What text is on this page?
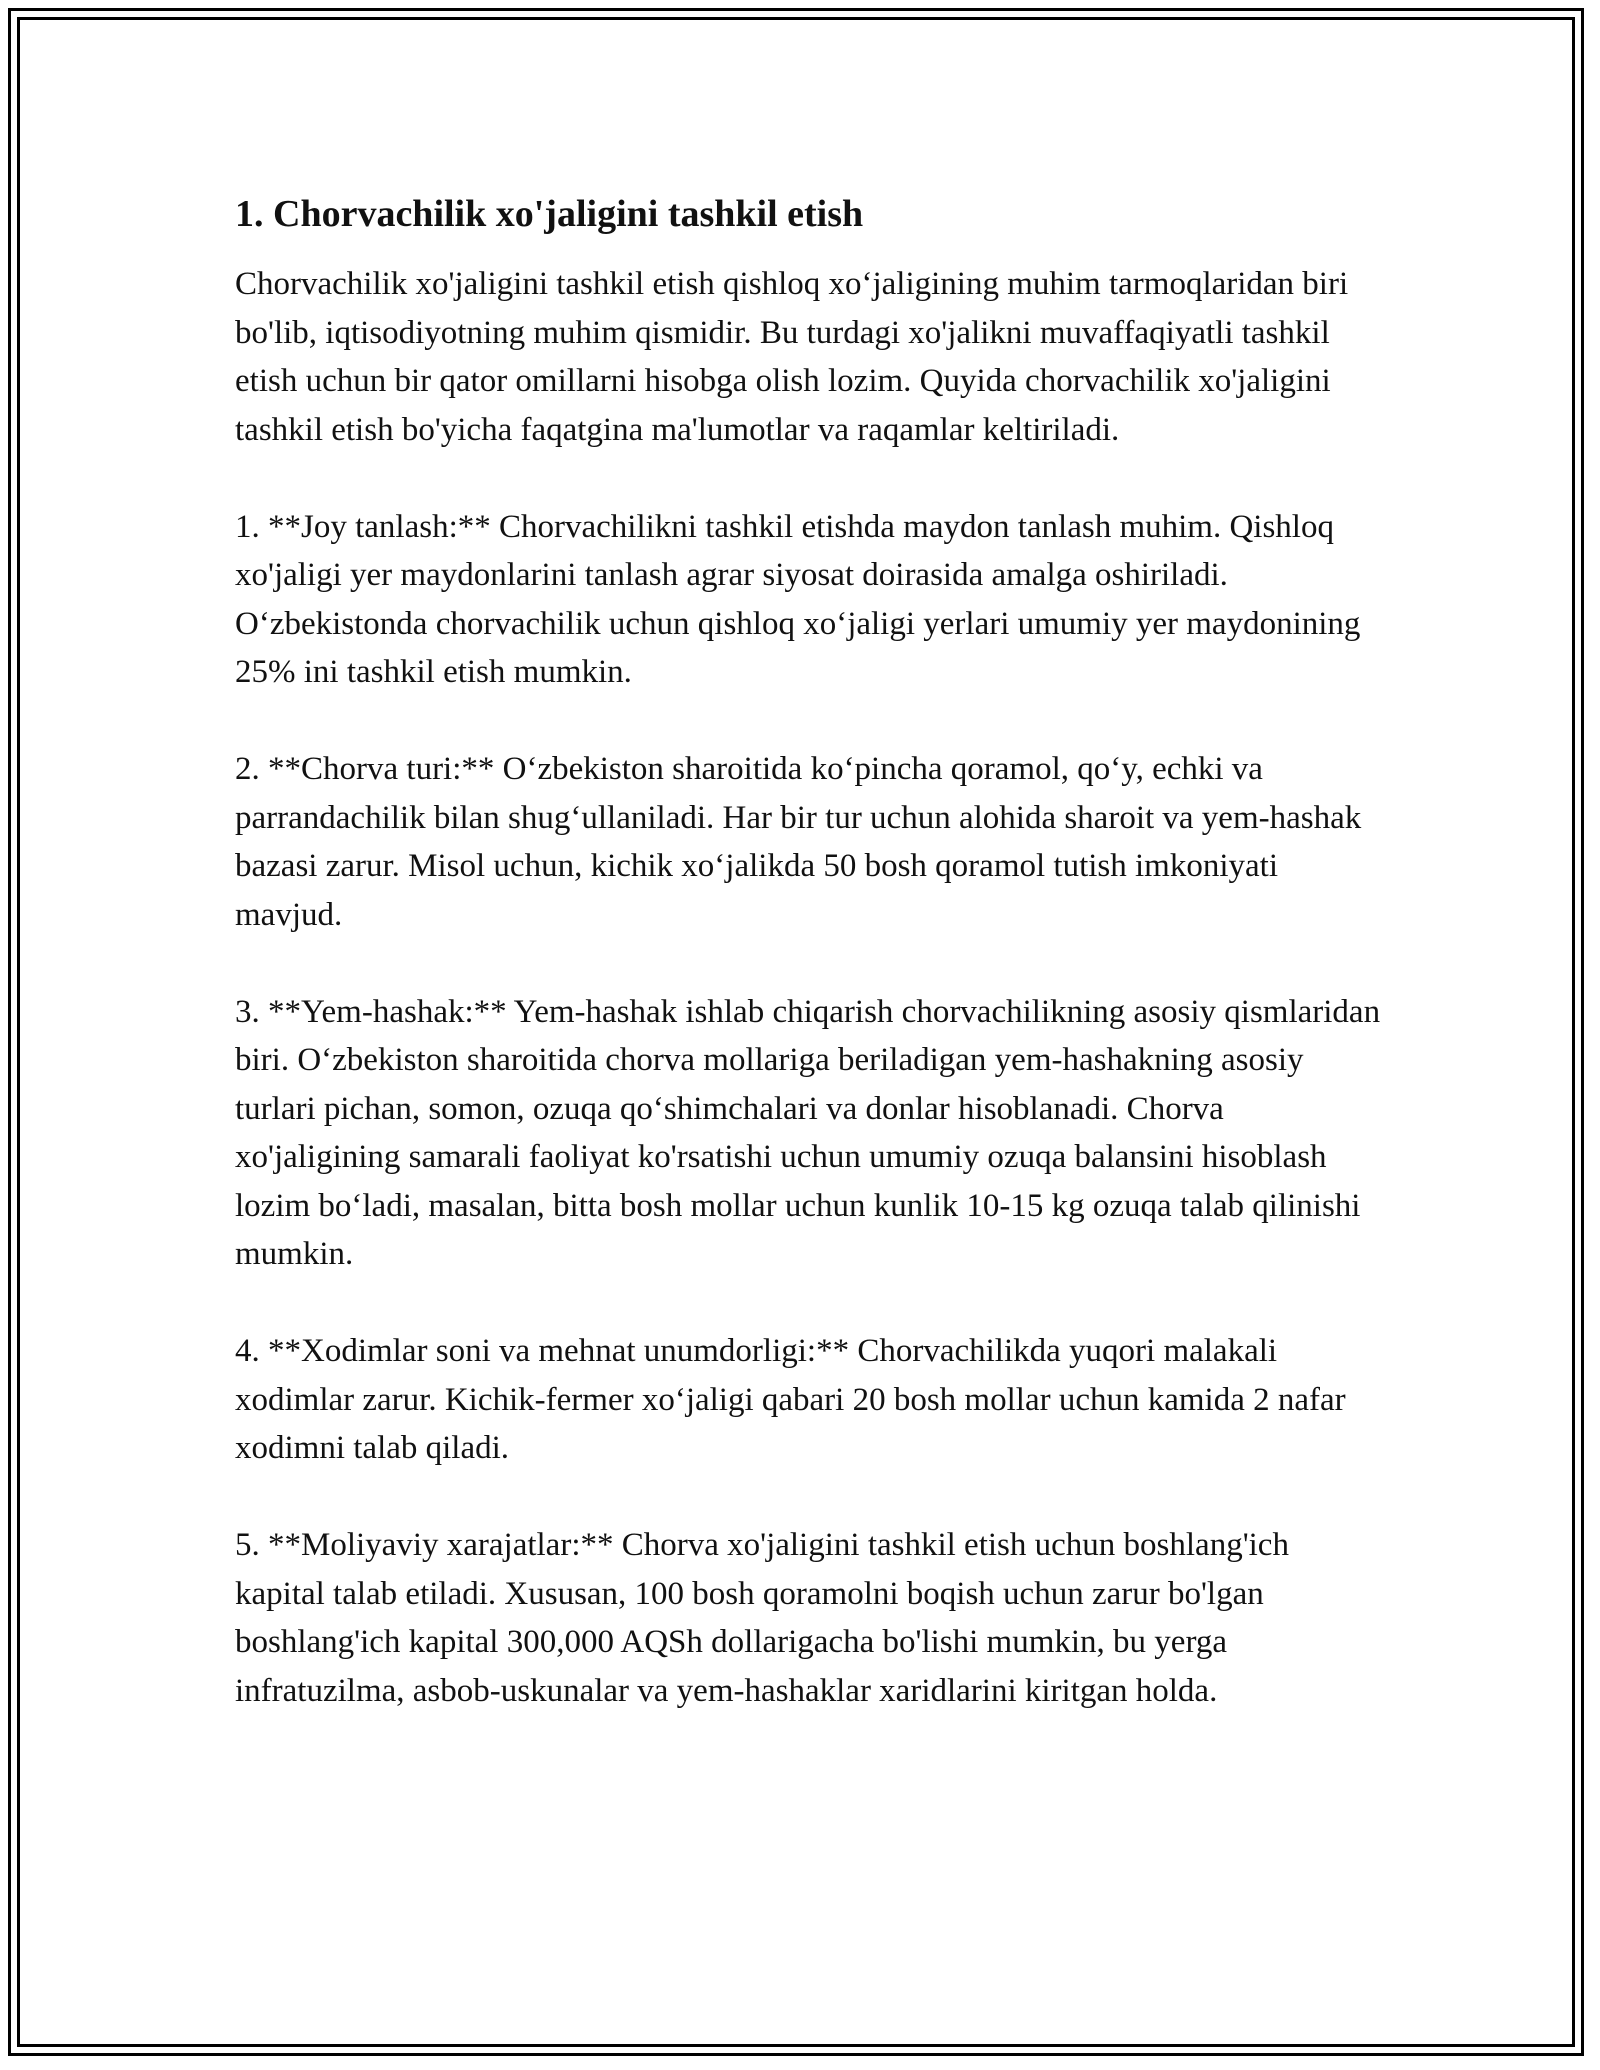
1. Chorvachilik xo'jaligini tashkil etish

Chorvachilik xo'jaligini tashkil etish qishloq xo‘jaligining muhim tarmoqlaridan biri bo'lib, iqtisodiyotning muhim qismidir. Bu turdagi xo'jalikni muvaffaqiyatli tashkil etish uchun bir qator omillarni hisobga olish lozim. Quyida chorvachilik xo'jaligini tashkil etish bo'yicha faqatgina ma'lumotlar va raqamlar keltiriladi.

1. **Joy tanlash:** Chorvachilikni tashkil etishda maydon tanlash muhim. Qishloq xo'jaligi yer maydonlarini tanlash agrar siyosat doirasida amalga oshiriladi. O‘zbekistonda chorvachilik uchun qishloq xo‘jaligi yerlari umumiy yer maydonining 25% ini tashkil etish mumkin.

2. **Chorva turi:** O‘zbekiston sharoitida ko‘pincha qoramol, qo‘y, echki va parrandachilik bilan shug‘ullaniladi. Har bir tur uchun alohida sharoit va yem-hashak bazasi zarur. Misol uchun, kichik xo‘jalikda 50 bosh qoramol tutish imkoniyati mavjud.

3. **Yem-hashak:** Yem-hashak ishlab chiqarish chorvachilikning asosiy qismlaridan biri. O‘zbekiston sharoitida chorva mollariga beriladigan yem-hashakning asosiy turlari pichan, somon, ozuqa qo‘shimchalari va donlar hisoblanadi. Chorva xo'jaligining samarali faoliyat ko'rsatishi uchun umumiy ozuqa balansini hisoblash lozim bo‘ladi, masalan, bitta bosh mollar uchun kunlik 10-15 kg ozuqa talab qilinishi mumkin.

4. **Xodimlar soni va mehnat unumdorligi:** Chorvachilikda yuqori malakali xodimlar zarur. Kichik-fermer xo‘jaligi qabari 20 bosh mollar uchun kamida 2 nafar xodimni talab qiladi.

5. **Moliyaviy xarajatlar:** Chorva xo'jaligini tashkil etish uchun boshlang'ich kapital talab etiladi. Xususan, 100 bosh qoramolni boqish uchun zarur bo'lgan boshlang'ich kapital 300,000 AQSh dollarigacha bo'lishi mumkin, bu yerga infratuzilma, asbob-uskunalar va yem-hashaklar xaridlarini kiritgan holda.
